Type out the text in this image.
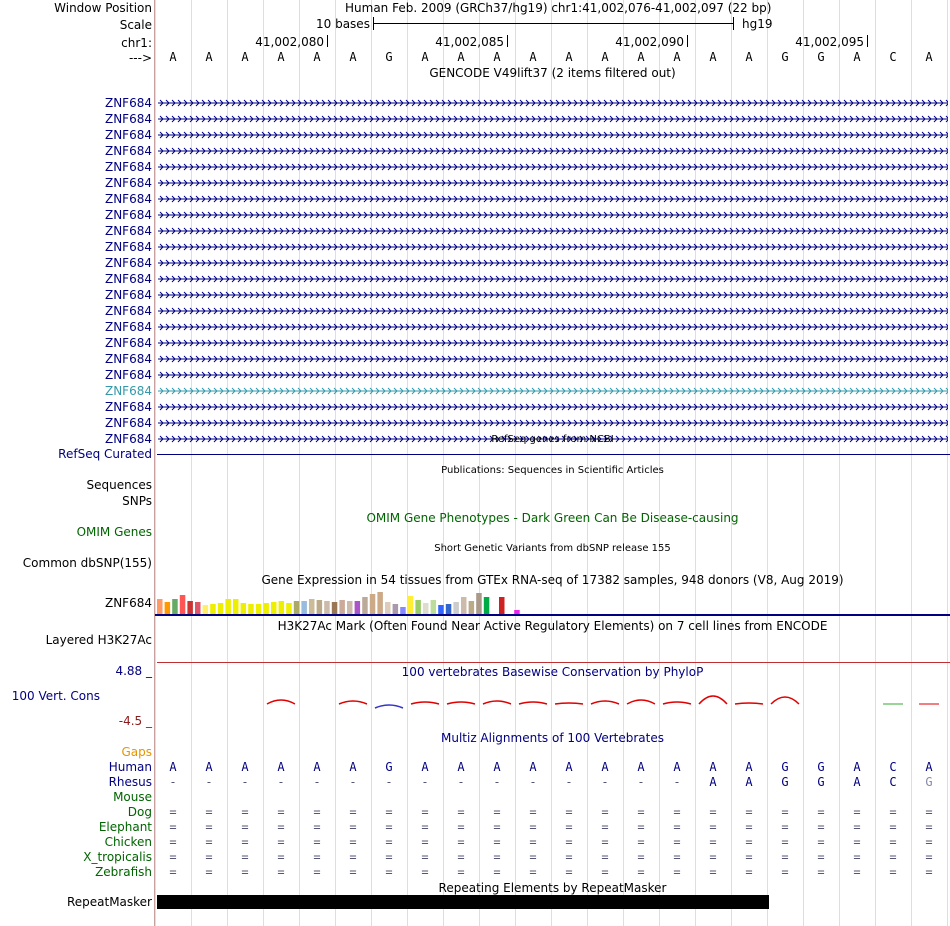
Window Position
Scale
chr1:
--->
Human Feb. 2009 (GRCh37/hg19) chr1:41,002,076-41,002,097 (22 bp)
10 bases	hg19
41,002,080	41,002,085	41,002,090	41,002,095
A	A	A	A	A	A	G	A	A	A	A	A	A	A	A	A	A	G	G	A	C	A
GENCODE V49lift37 (2 items filtered out)
ZNF684
ZNF684
ZNF684
ZNF684
ZNF684
ZNF684
ZNF684
ZNF684
ZNF684
ZNF684
ZNF684
ZNF684
ZNF684
ZNF684
ZNF684
ZNF684
ZNF684
ZNF684
ZNF684
ZNF684
ZNF684
ZNF684	RefSeq genes from NCBI
RefSeq Curated
Publications: Sequences in Scientific Articles
Sequences
SNPs
OMIM Gene Phenotypes - Dark Green Can Be Disease-causing
OMIM Genes
Short Genetic Variants from dbSNP release 155
Common dbSNP(155)
Gene Expression in 54 tissues from GTEx RNA-seq of 17382 samples, 948 donors (V8, Aug 2019)
ZNF684
H3K27Ac Mark (Often Found Near Active Regulatory Elements) on 7 cell lines from ENCODE
Layered H3K27Ac
100 vertebrates Basewise Conservation by PhyloP
4.88 _
100 Vert. Cons
-4.5 _
Multiz Alignments of 100 Vertebrates
Gaps
Human	A	A	A	A	A	A	G	A	A	A	A	A	A	A	A	A	A	G	G	A	C	A
Rhesus	-	-	-	-	-	-	-	-	-	-	-	-	-	-	-	A	A	G	G	A	C	G
Mouse
Dog	=	=	=	=	=	=	=	=	=	=	=	=	=	=	=	=	=	=	=	=	=	=
Elephant	=	=	=	=	=	=	=	=	=	=	=	=	=	=	=	=	=	=	=	=	=	=
Chicken	=	=	=	=	=	=	=	=	=	=	=	=	=	=	=	=	=	=	=	=	=	=
X_tropicalis	=	=	=	=	=	=	=	=	=	=	=	=	=	=	=	=	=	=	=	=	=	=
Zebrafish	=	=	=	=	=	=	=	=	=	=	=	=	=	=	=	=	=	=	=	=	=	=
Repeating Elements by RepeatMasker
RepeatMasker
